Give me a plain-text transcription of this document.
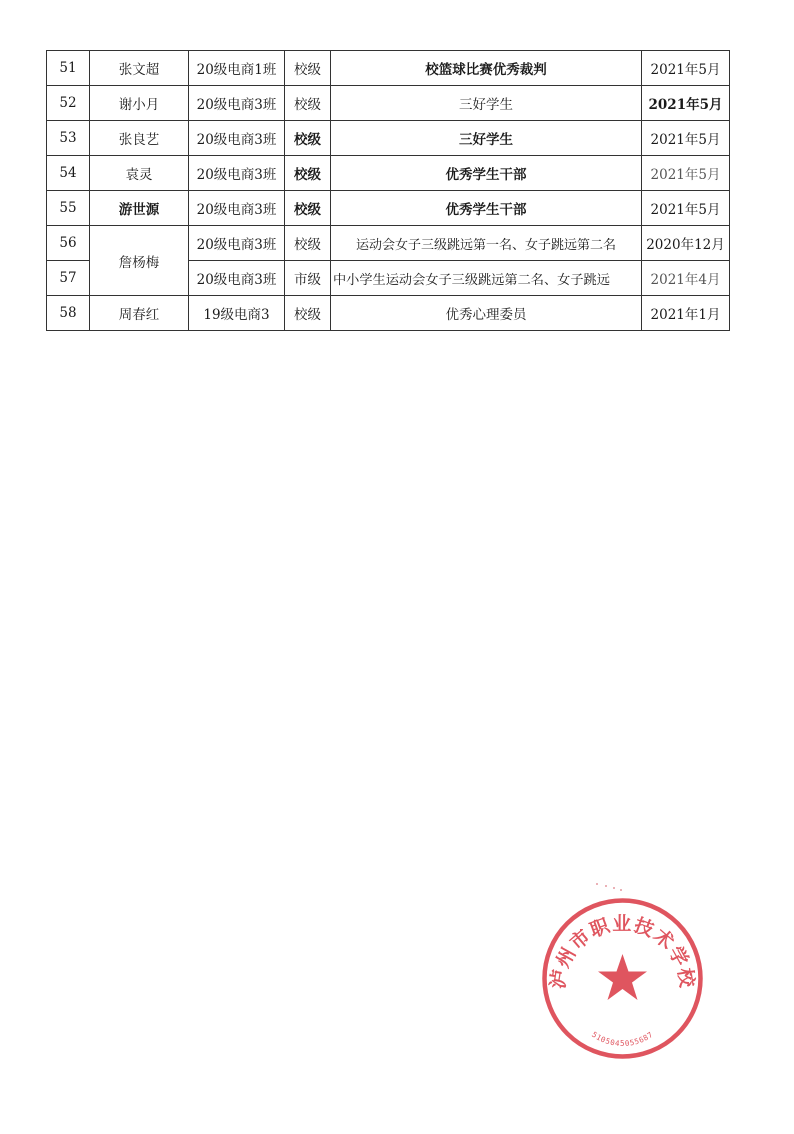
51	张文超	20级电商1班	校级	校篮球比赛优秀裁判	2021年5月
52	谢小月	20级电商3班	校级	三好学生	2021年5月
53	张良艺	20级电商3班	校级	三好学生	2021年5月
54	袁灵	20级电商3班	校级	优秀学生干部	2021年5月
55	游世源	20级电商3班	校级	优秀学生干部	2021年5月
56	詹杨梅	20级电商3班	校级	运动会女子三级跳远第一名、女子跳远第二名	2020年12月
57		20级电商3班	市级	中小学生运动会女子三级跳远第二名、女子跳远	2021年4月
58	周春红	19级电商3	校级	优秀心理委员	2021年1月
泸州市职业技术学校
5105045055687
